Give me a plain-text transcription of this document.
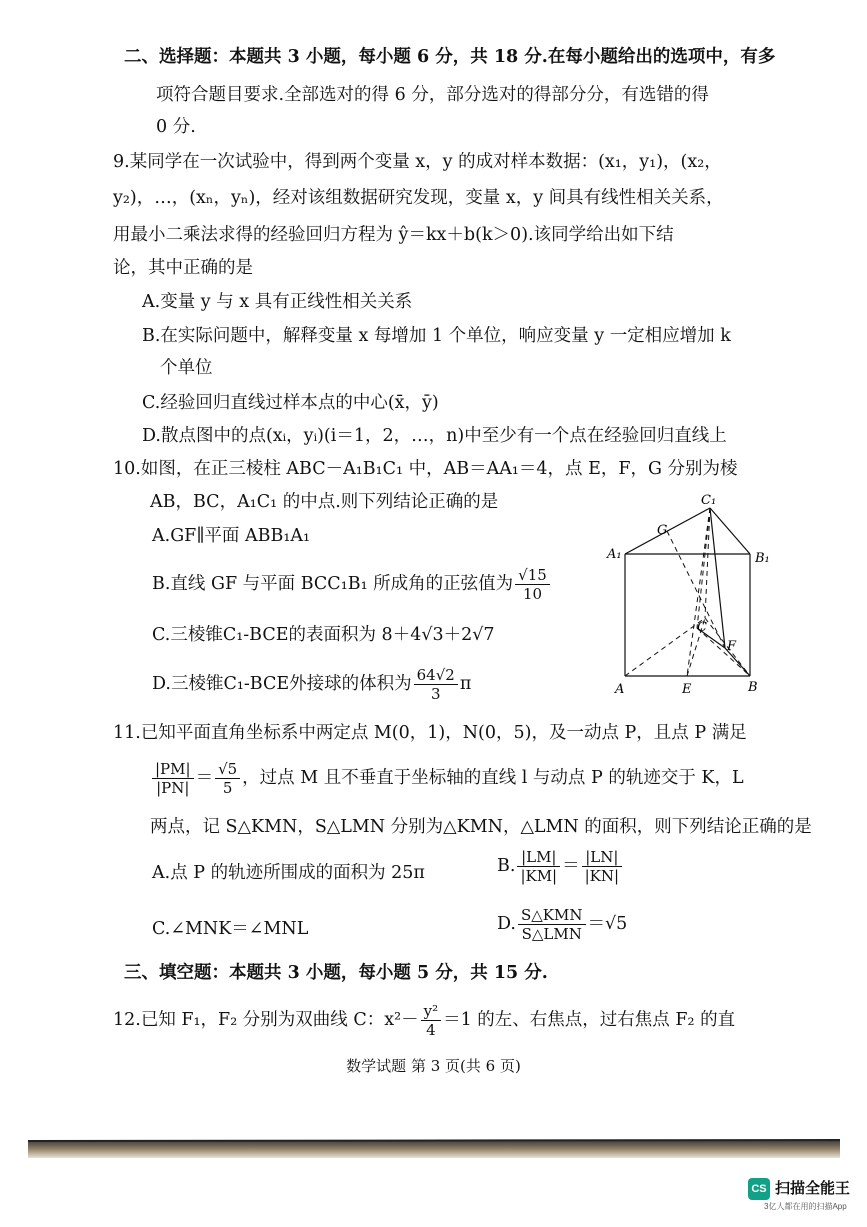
二、选择题：本题共 3 小题，每小题 6 分，共 18 分.在每小题给出的选项中，有多
项符合题目要求.全部选对的得 6 分，部分选对的得部分分，有选错的得
0 分.
9.某同学在一次试验中，得到两个变量 x，y 的成对样本数据：(x₁，y₁)，(x₂，
y₂)，…，(xₙ，yₙ)，经对该组数据研究发现，变量 x，y 间具有线性相关关系，
用最小二乘法求得的经验回归方程为 ŷ＝kx＋b(k＞0).该同学给出如下结
论，其中正确的是
A.变量 y 与 x 具有正线性相关关系
B.在实际问题中，解释变量 x 每增加 1 个单位，响应变量 y 一定相应增加 k
个单位
C.经验回归直线过样本点的中心(x̄，ȳ)
D.散点图中的点(xᵢ，yᵢ)(i＝1，2，…，n)中至少有一个点在经验回归直线上
10.如图，在正三棱柱 ABC－A₁B₁C₁ 中，AB＝AA₁＝4，点 E，F，G 分别为棱
AB，BC，A₁C₁ 的中点.则下列结论正确的是
A.GF∥平面 ABB₁A₁
B.直线 GF 与平面 BCC₁B₁ 所成角的正弦值为 $\frac{√15}{10}$
C.三棱锥C₁-BCE的表面积为 8＋4√3＋2√7
D.三棱锥C₁-BCE外接球的体积为 $\frac{64√2}{3}$ π
C₁
G
A₁	B₁
C
F
A	E	B
11.已知平面直角坐标系中两定点 M(0，1)，N(0，5)，及一动点 P，且点 P 满足
$\frac{|PM|}{|PN|} = \frac{√5}{5}$ ，过点 M 且不垂直于坐标轴的直线 l 与动点 P 的轨迹交于 K，L
两点，记 S△KMN，S△LMN 分别为△KMN，△LMN 的面积，则下列结论正确的是
A.点 P 的轨迹所围成的面积为 25π	B. $\frac{|LM|}{|KM|} = \frac{|LN|}{|KN|}$
C.∠MNK＝∠MNL	D. $\frac{\text{S△KMN}}{\text{S△LMN}} =√5$
三、填空题：本题共 3 小题，每小题 5 分，共 15 分.
12.已知 F₁，F₂ 分别为双曲线 C：$x^2- \frac{\text{y²}}{4} =1$ 的左、右焦点，过右焦点 F₂ 的直
数学试题 第 3 页(共 6 页)
CS 扫描全能王
3亿人都在用的扫描App
